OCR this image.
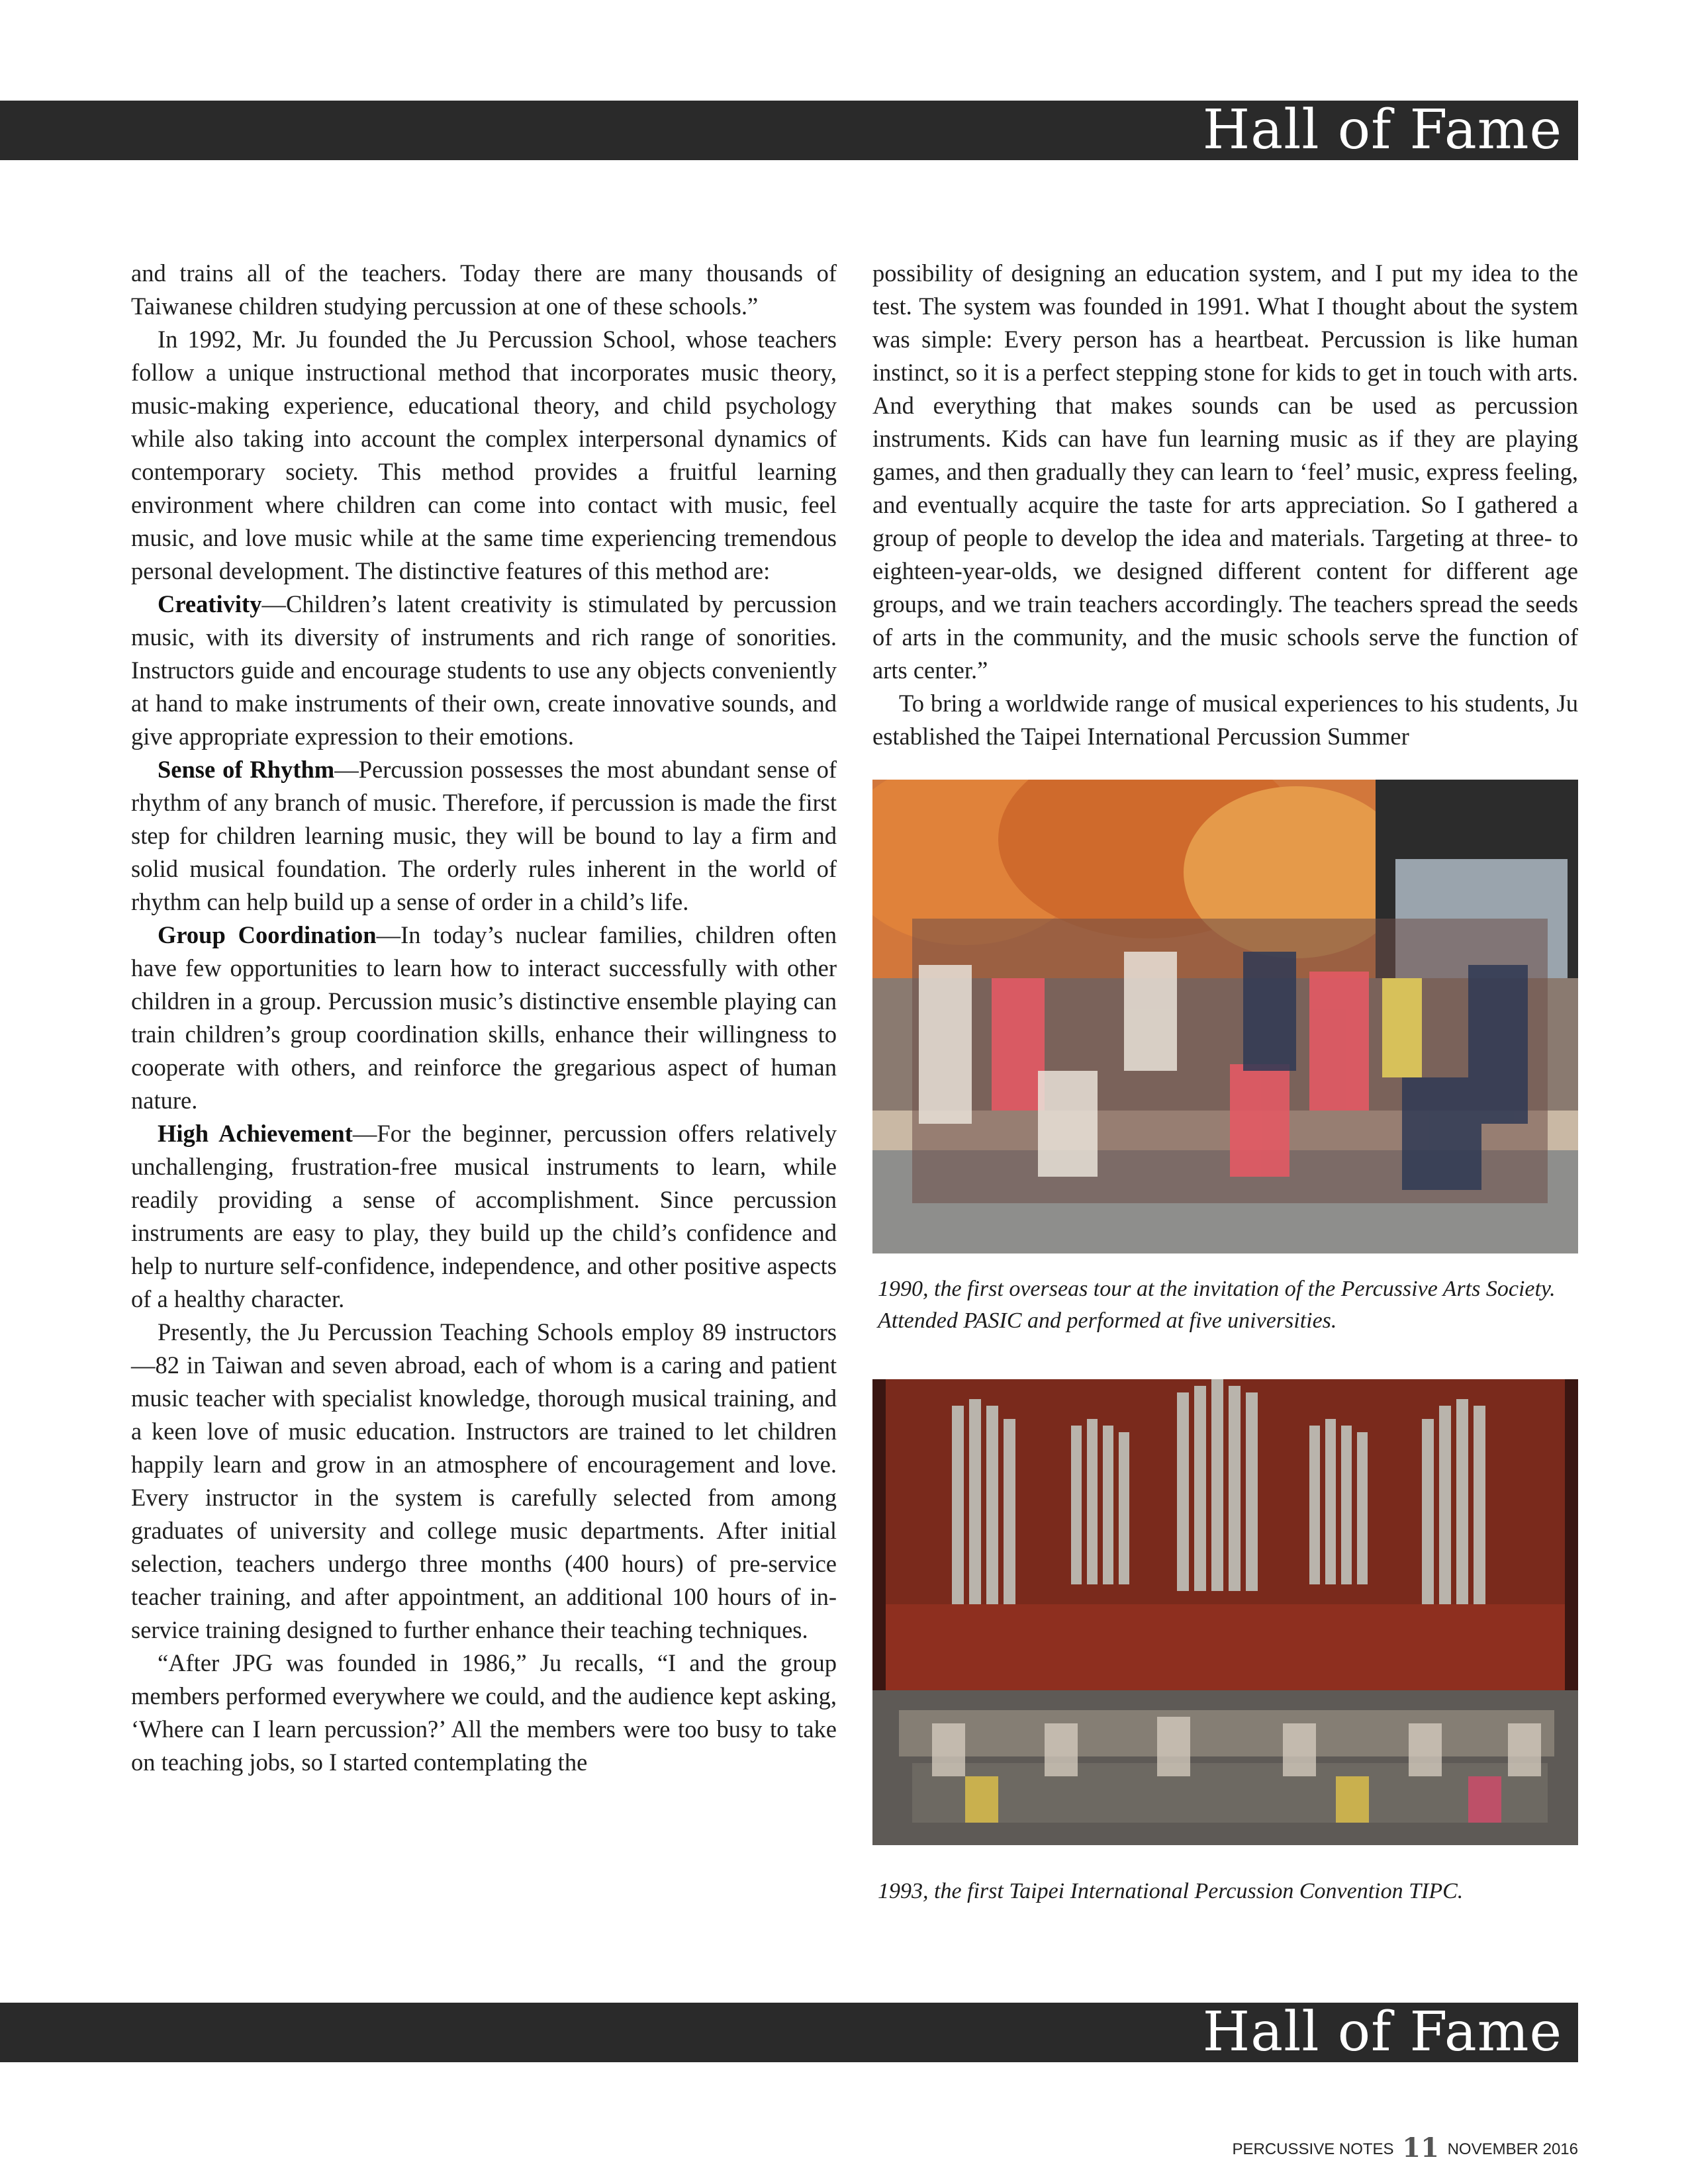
Hall of Fame

and trains all of the teachers. Today there are many thousands of Taiwanese children studying percussion at one of these schools.”

In 1992, Mr. Ju founded the Ju Percussion School, whose teachers follow a unique instructional method that incorporates music theory, music-making experience, educational theory, and child psychology while also taking into account the complex interpersonal dynamics of contemporary society. This method provides a fruitful learning environment where children can come into contact with music, feel music, and love music while at the same time experiencing tremendous personal development. The distinctive features of this method are:

Creativity—Children’s latent creativity is stimulated by percussion music, with its diversity of instruments and rich range of sonorities. Instructors guide and encourage students to use any objects conveniently at hand to make instruments of their own, create innovative sounds, and give appropriate expression to their emotions.

Sense of Rhythm—Percussion possesses the most abundant sense of rhythm of any branch of music. Therefore, if percussion is made the first step for children learning music, they will be bound to lay a firm and solid musical foundation. The orderly rules inherent in the world of rhythm can help build up a sense of order in a child’s life.

Group Coordination—In today’s nuclear families, children often have few opportunities to learn how to interact successfully with other children in a group. Percussion music’s distinctive ensemble playing can train children’s group coordination skills, enhance their willingness to cooperate with others, and reinforce the gregarious aspect of human nature.

High Achievement—For the beginner, percussion offers relatively unchallenging, frustration-free musical instruments to learn, while readily providing a sense of accomplishment. Since percussion instruments are easy to play, they build up the child’s confidence and help to nurture self-confidence, independence, and other positive aspects of a healthy character.

Presently, the Ju Percussion Teaching Schools employ 89 instructors—82 in Taiwan and seven abroad, each of whom is a caring and patient music teacher with specialist knowledge, thorough musical training, and a keen love of music education. Instructors are trained to let children happily learn and grow in an atmosphere of encouragement and love. Every instructor in the system is carefully selected from among graduates of university and college music departments. After initial selection, teachers undergo three months (400 hours) of pre-service teacher training, and after appointment, an additional 100 hours of in-service training designed to further enhance their teaching techniques.

“After JPG was founded in 1986,” Ju recalls, “I and the group members performed everywhere we could, and the audience kept asking, ‘Where can I learn percussion?’ All the members were too busy to take on teaching jobs, so I started contemplating the

possibility of designing an education system, and I put my idea to the test. The system was founded in 1991. What I thought about the system was simple: Every person has a heartbeat. Percussion is like human instinct, so it is a perfect stepping stone for kids to get in touch with arts. And everything that makes sounds can be used as percussion instruments. Kids can have fun learning music as if they are playing games, and then gradually they can learn to ‘feel’ music, express feeling, and eventually acquire the taste for arts appreciation. So I gathered a group of people to develop the idea and materials. Targeting at three- to eighteen-year-olds, we designed different content for different age groups, and we train teachers accordingly. The teachers spread the seeds of arts in the community, and the music schools serve the function of arts center.”

To bring a worldwide range of musical experiences to his students, Ju established the Taipei International Percussion Summer

1990, the first overseas tour at the invitation of the Percussive Arts Society. Attended PASIC and performed at five universities.
1993, the first Taipei International Percussion Convention TIPC.
Hall of Fame
PERCUSSIVE NOTES 11 NOVEMBER 2016
